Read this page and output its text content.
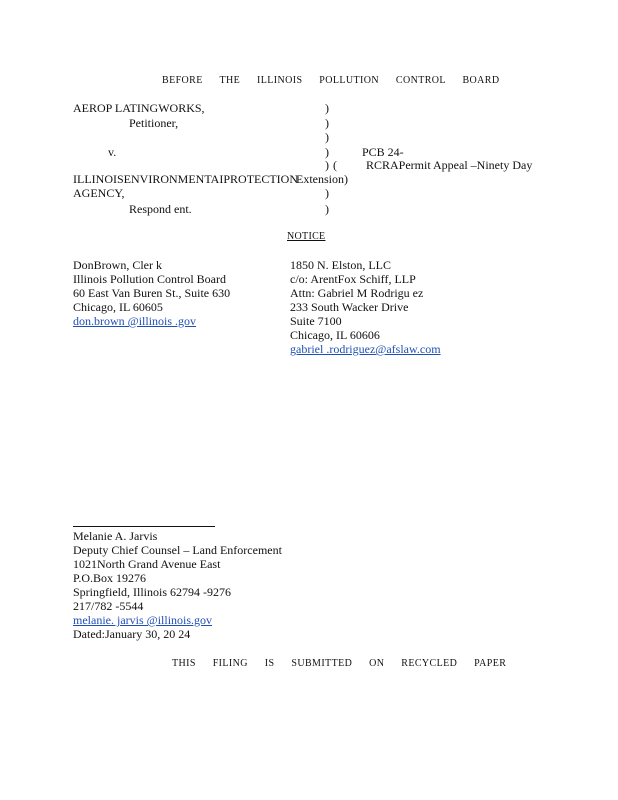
BEFORE THE ILLINOIS POLLUTION CONTROL BOARD
AEROP LATINGWORKS,
Petitioner,
v.
ILLINOISENVIRONMENTAIPROTECTION
AGENCY,
Respond ent.
)
)
)
)
) (
Extension)
)
)
PCB 24-
RCRAPermit Appeal –Ninety Day
NOTICE
DonBrown, Cler k
Illinois Pollution Control Board
60 East Van Buren St., Suite 630
Chicago, IL 60605
don.brown @illinois .gov
1850 N. Elston, LLC
c/o: ArentFox Schiff, LLP
Attn: Gabriel M Rodrigu ez
233 South Wacker Drive
Suite 7100
Chicago, IL 60606
gabriel .rodriguez@afslaw.com
Melanie A. Jarvis
Deputy Chief Counsel – Land Enforcement
1021North Grand Avenue East
P.O.Box 19276
Springfield, Illinois 62794 -9276
217/782 -5544
melanie. jarvis @illinois.gov
Dated:January 30, 20 24
THIS FILING IS SUBMITTED ON RECYCLED PAPER
